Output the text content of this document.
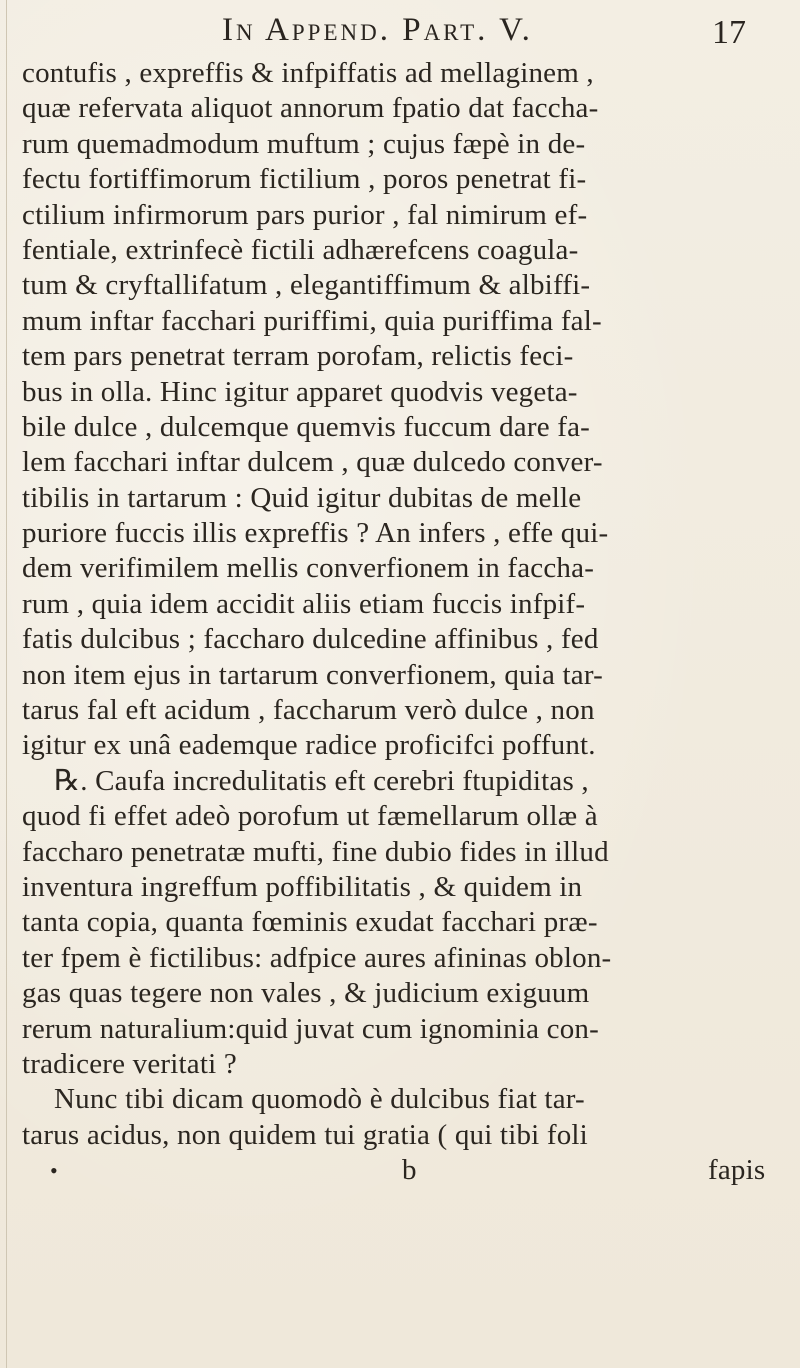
In Append. Part. V.	17
contufis , expreffis & infpiffatis ad mellaginem ,
quæ refervata aliquot annorum fpatio dat faccha-
rum quemadmodum muftum ; cujus fæpè in de-
fectu fortiffimorum fictilium , poros penetrat fi-
ctilium infirmorum pars purior , fal nimirum ef-
fentiale, extrinfecè fictili adhærefcens coagula-
tum & cryftallifatum , elegantiffimum & albiffi-
mum inftar facchari puriffimi, quia puriffima fal-
tem pars penetrat terram porofam, relictis feci-
bus in olla. Hinc igitur apparet quodvis vegeta-
bile dulce , dulcemque quemvis fuccum dare fa-
lem facchari inftar dulcem , quæ dulcedo conver-
tibilis in tartarum : Quid igitur dubitas de melle
puriore fuccis illis expreffis ? An infers , effe qui-
dem verifimilem mellis converfionem in faccha-
rum , quia idem accidit aliis etiam fuccis infpif-
fatis dulcibus ; faccharo dulcedine affinibus , fed
non item ejus in tartarum converfionem, quia tar-
tarus fal eft acidum , faccharum verò dulce , non
igitur ex unâ eademque radice proficifci poffunt.
℞. Caufa incredulitatis eft cerebri ftupiditas ,
quod fi effet adeò porofum ut fæmellarum ollæ à
faccharo penetratæ mufti, fine dubio fides in illud
inventura ingreffum poffibilitatis , & quidem in
tanta copia, quanta fœminis exudat facchari præ-
ter fpem è fictilibus: adfpice aures afininas oblon-
gas quas tegere non vales , & judicium exiguum
rerum naturalium:quid juvat cum ignominia con-
tradicere veritati ?
Nunc tibi dicam quomodò è dulcibus fiat tar-
tarus acidus, non quidem tui gratia ( qui tibi foli
•	b	fapis
